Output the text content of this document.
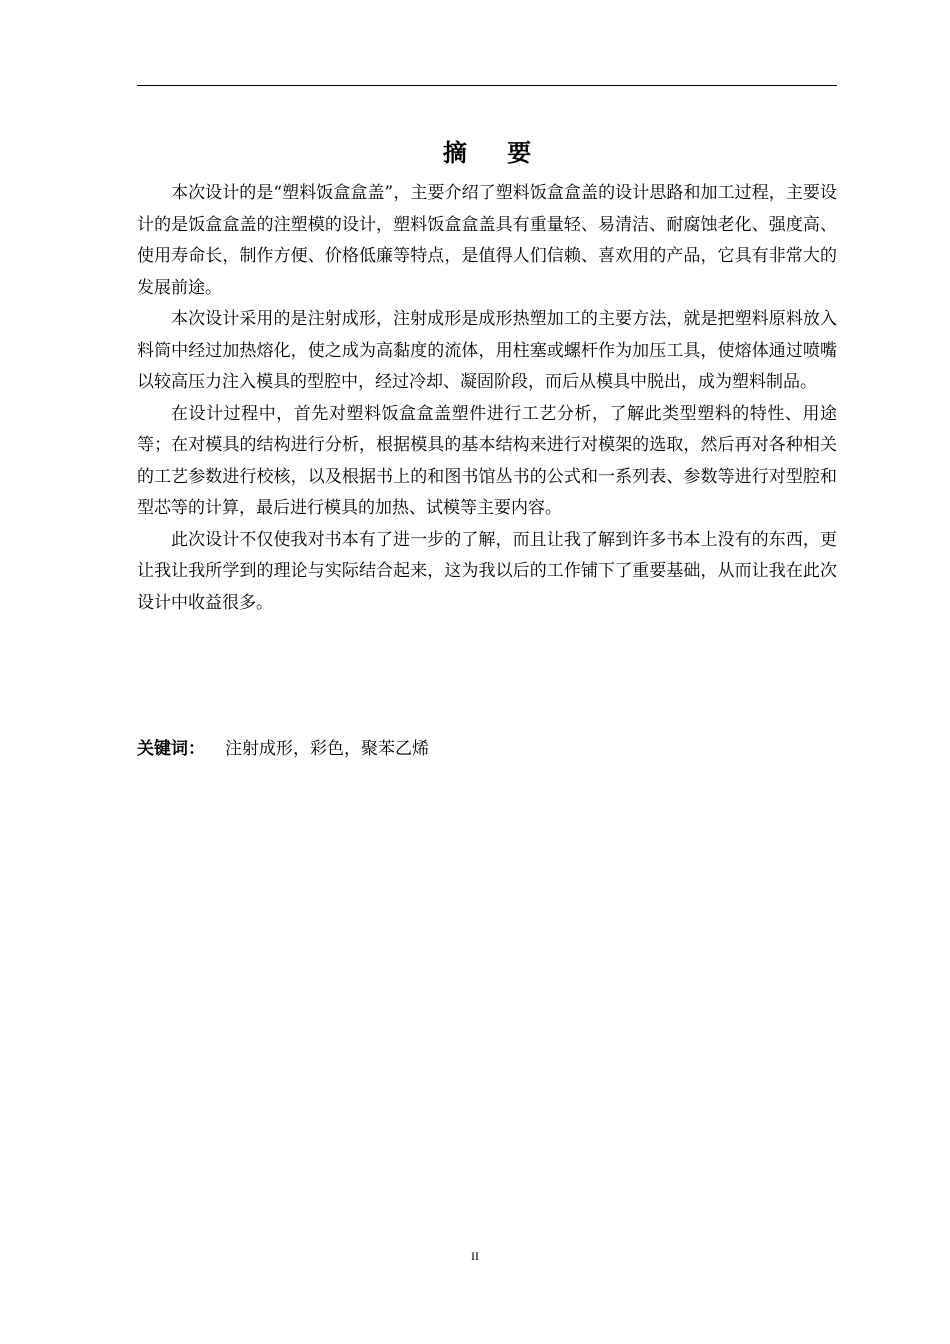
摘 要

本次设计的是“塑料饭盒盒盖”，主要介绍了塑料饭盒盒盖的设计思路和加工过程，主要设计的是饭盒盒盖的注塑模的设计，塑料饭盒盒盖具有重量轻、易清洁、耐腐蚀老化、强度高、使用寿命长，制作方便、价格低廉等特点，是值得人们信赖、喜欢用的产品，它具有非常大的发展前途。

本次设计采用的是注射成形，注射成形是成形热塑加工的主要方法，就是把塑料原料放入料筒中经过加热熔化，使之成为高黏度的流体，用柱塞或螺杆作为加压工具，使熔体通过喷嘴以较高压力注入模具的型腔中，经过冷却、凝固阶段，而后从模具中脱出，成为塑料制品。

在设计过程中，首先对塑料饭盒盒盖塑件进行工艺分析，了解此类型塑料的特性、用途等；在对模具的结构进行分析，根据模具的基本结构来进行对模架的选取，然后再对各种相关的工艺参数进行校核，以及根据书上的和图书馆丛书的公式和一系列表、参数等进行对型腔和型芯等的计算，最后进行模具的加热、试模等主要内容。

此次设计不仅使我对书本有了进一步的了解，而且让我了解到许多书本上没有的东西，更让我让我所学到的理论与实际结合起来，这为我以后的工作铺下了重要基础，从而让我在此次设计中收益很多。

关键词： 注射成形，彩色，聚苯乙烯
II
